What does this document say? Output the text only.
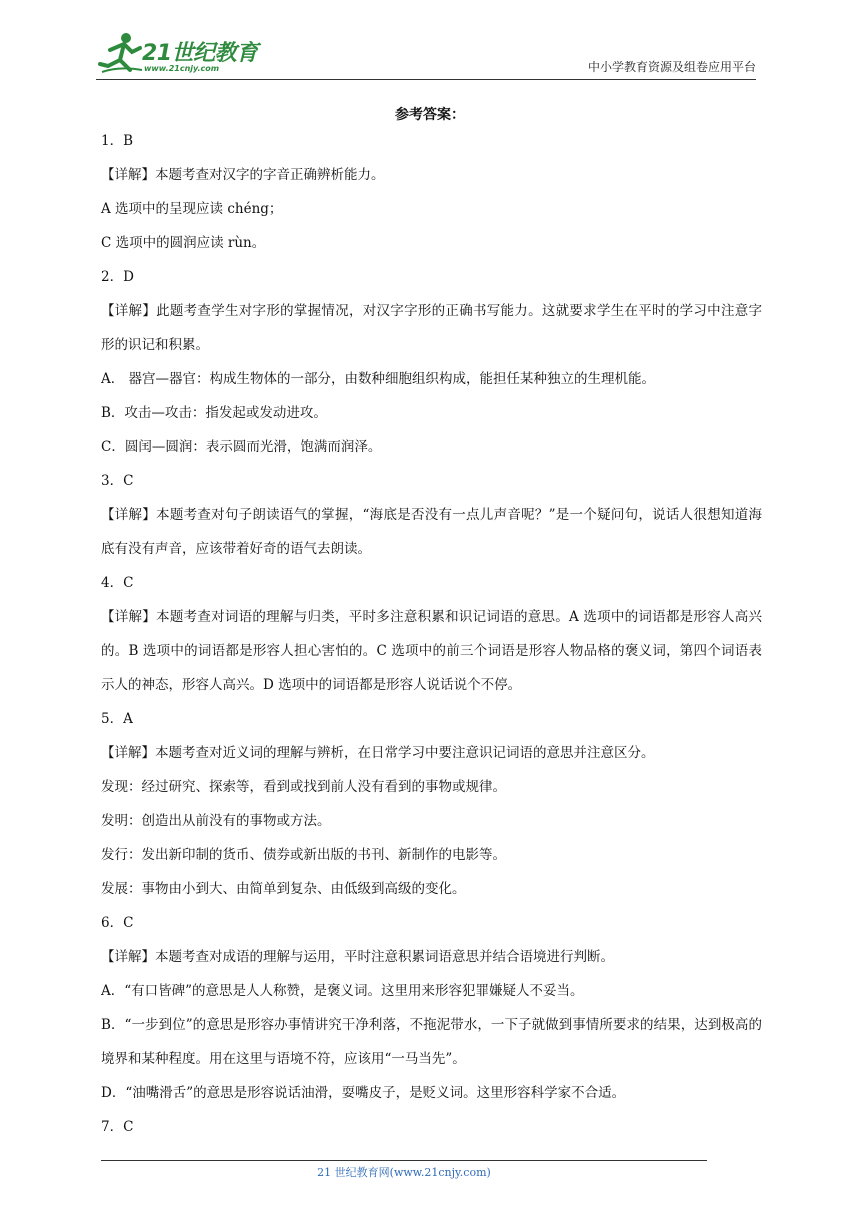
21世纪教育
www.21cnjy.com	中小学教育资源及组卷应用平台
参考答案：

1．B

【详解】本题考查对汉字的字音正确辨析能力。

A 选项中的呈现应读 chéng；

C 选项中的圆润应读 rùn。

2．D

【详解】此题考查学生对字形的掌握情况，对汉字字形的正确书写能力。这就要求学生在平时的学习中注意字形的识记和积累。

A． 器宫—器官：构成生物体的一部分，由数种细胞组织构成，能担任某种独立的生理机能。

B．攻击—攻击：指发起或发动进攻。

C．圆闰—圆润：表示圆而光滑，饱满而润泽。

3．C

【详解】本题考查对句子朗读语气的掌握，“海底是否没有一点儿声音呢？”是一个疑问句，说话人很想知道海底有没有声音，应该带着好奇的语气去朗读。

4．C

【详解】本题考查对词语的理解与归类，平时多注意积累和识记词语的意思。A 选项中的词语都是形容人高兴的。B 选项中的词语都是形容人担心害怕的。C 选项中的前三个词语是形容人物品格的褒义词，第四个词语表示人的神态，形容人高兴。D 选项中的词语都是形容人说话说个不停。

5．A

【详解】本题考查对近义词的理解与辨析，在日常学习中要注意识记词语的意思并注意区分。

发现：经过研究、探索等，看到或找到前人没有看到的事物或规律。

发明：创造出从前没有的事物或方法。

发行：发出新印制的货币、债券或新出版的书刊、新制作的电影等。

发展：事物由小到大、由简单到复杂、由低级到高级的变化。

6．C

【详解】本题考查对成语的理解与运用，平时注意积累词语意思并结合语境进行判断。

A．“有口皆碑”的意思是人人称赞，是褒义词。这里用来形容犯罪嫌疑人不妥当。

B．“一步到位”的意思是形容办事情讲究干净利落，不拖泥带水，一下子就做到事情所要求的结果，达到极高的境界和某种程度。用在这里与语境不符，应该用“一马当先”。

D．“油嘴滑舌”的意思是形容说话油滑，耍嘴皮子，是贬义词。这里形容科学家不合适。

7．C

21 世纪教育网(www.21cnjy.com)
